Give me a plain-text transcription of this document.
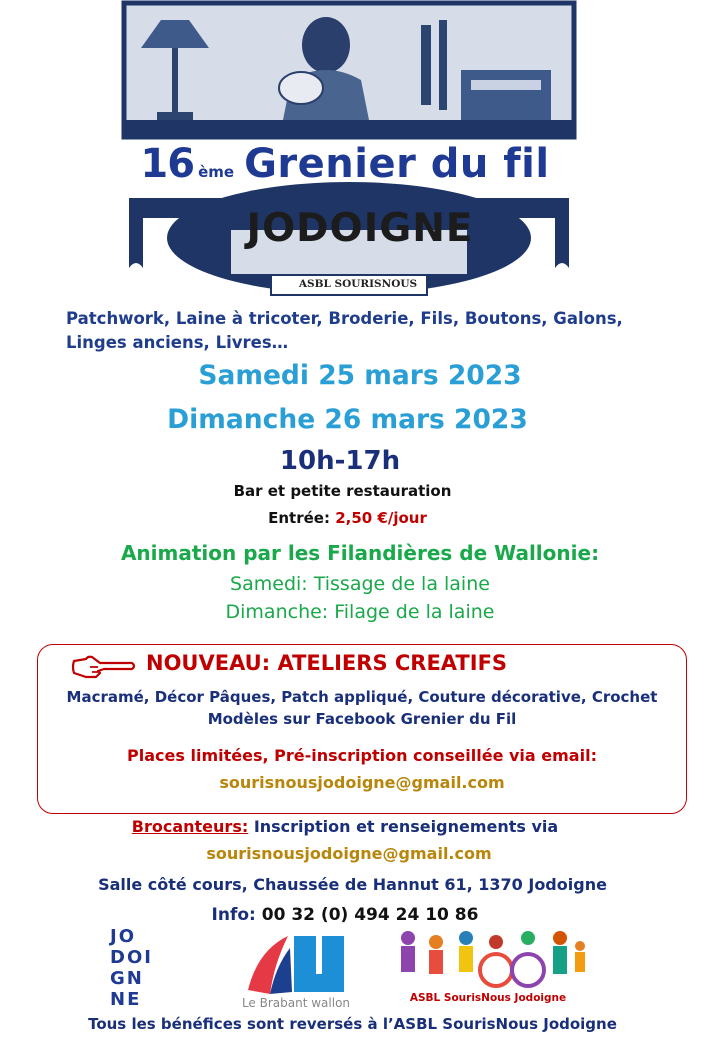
16 ème Grenier du fil
JODOIGNE
ASBL SOURISNOUS
Patchwork, Laine à tricoter, Broderie, Fils, Boutons, Galons, Linges anciens, Livres…
Samedi 25 mars 2023
Dimanche 26 mars 2023
10h-17h
Bar et petite restauration
Entrée: 2,50 €/jour
Animation par les Filandières de Wallonie:
Samedi: Tissage de la laine
Dimanche: Filage de la laine
NOUVEAU: ATELIERS CREATIFS
Macramé, Décor Pâques, Patch appliqué, Couture décorative, Crochet
Modèles sur Facebook Grenier du Fil
Places limitées, Pré-inscription conseillée via email:
sourisnousjodoigne@gmail.com
Brocanteurs: Inscription et renseignements via
sourisnousjodoigne@gmail.com
Salle côté cours, Chaussée de Hannut 61, 1370 Jodoigne
Info: 00 32 (0) 494 24 10 86
JO
DOI
GN
NE	Le Brabant wallon	ASBL SourisNous Jodoigne
Tous les bénéfices sont reversés à l’ASBL SourisNous Jodoigne
